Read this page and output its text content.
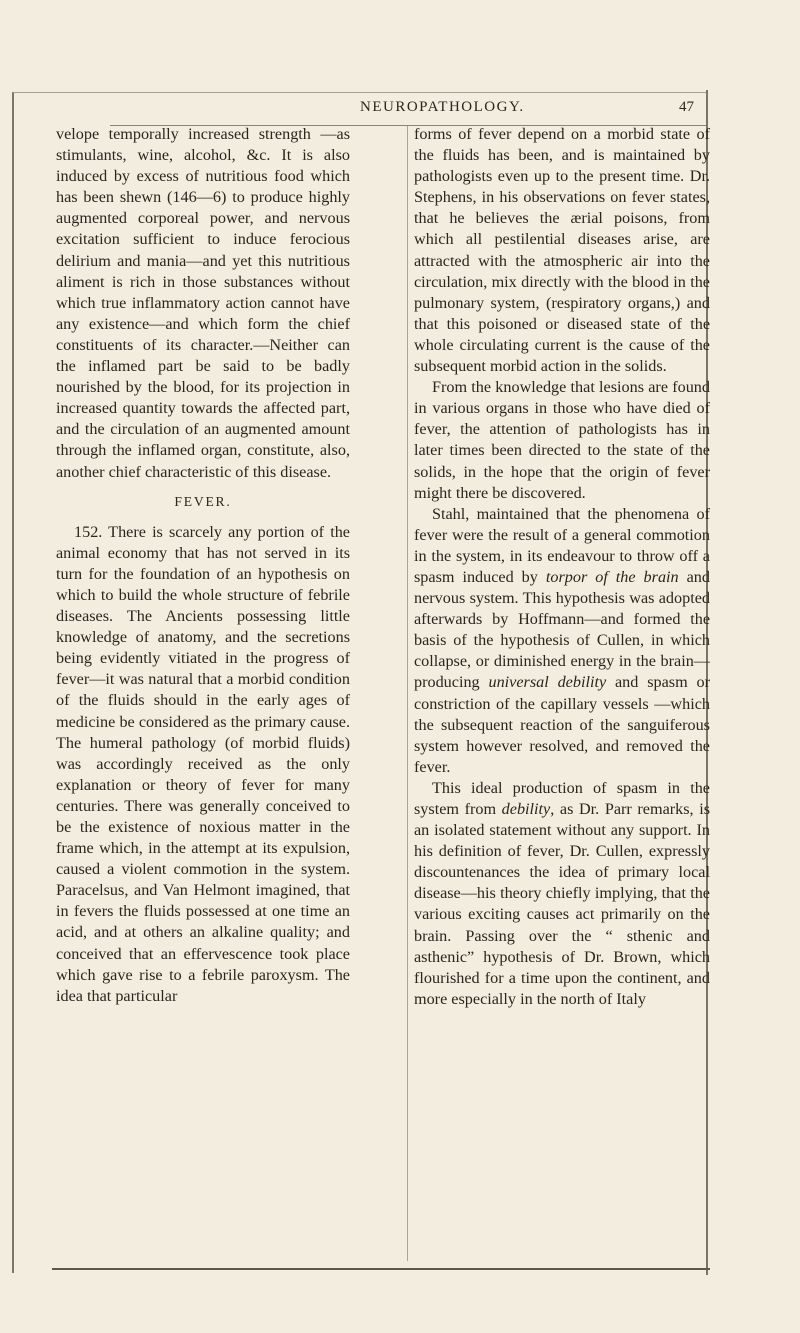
NEUROPATHOLOGY.	47

velope temporally increased strength —as stimulants, wine, alcohol, &c. It is also induced by excess of nutritious food which has been shewn (146—6) to produce highly augmented corporeal power, and nervous excitation sufficient to induce ferocious delirium and mania—and yet this nutritious aliment is rich in those substances without which true inflammatory action cannot have any existence—and which form the chief constituents of its character.—Neither can the inflamed part be said to be badly nourished by the blood, for its projection in increased quantity towards the affected part, and the circulation of an augmented amount through the inflamed organ, constitute, also, another chief characteristic of this disease.

FEVER.

152. There is scarcely any portion of the animal economy that has not served in its turn for the foundation of an hypothesis on which to build the whole structure of febrile diseases. The Ancients possessing little knowledge of anatomy, and the secretions being evidently vitiated in the progress of fever—it was natural that a morbid condition of the fluids should in the early ages of medicine be considered as the primary cause. The humeral pathology (of morbid fluids) was accordingly received as the only explanation or theory of fever for many centuries. There was generally conceived to be the existence of noxious matter in the frame which, in the attempt at its expulsion, caused a violent commotion in the system. Paracelsus, and Van Helmont imagined, that in fevers the fluids possessed at one time an acid, and at others an alkaline quality; and conceived that an effervescence took place which gave rise to a febrile paroxysm. The idea that particular

forms of fever depend on a morbid state of the fluids has been, and is maintained by pathologists even up to the present time. Dr. Stephens, in his observations on fever states, that he believes the ærial poisons, from which all pestilential diseases arise, are attracted with the atmospheric air into the circulation, mix directly with the blood in the pulmonary system, (respiratory organs,) and that this poisoned or diseased state of the whole circulating current is the cause of the subsequent morbid action in the solids.

From the knowledge that lesions are found in various organs in those who have died of fever, the attention of pathologists has in later times been directed to the state of the solids, in the hope that the origin of fever might there be discovered.

Stahl, maintained that the phenomena of fever were the result of a general commotion in the system, in its endeavour to throw off a spasm induced by torpor of the brain and nervous system. This hypothesis was adopted afterwards by Hoffmann—and formed the basis of the hypothesis of Cullen, in which collapse, or diminished energy in the brain—producing universal debility and spasm or constriction of the capillary vessels —which the subsequent reaction of the sanguiferous system however resolved, and removed the fever.

This ideal production of spasm in the system from debility, as Dr. Parr remarks, is an isolated statement without any support. In his definition of fever, Dr. Cullen, expressly discountenances the idea of primary local disease—his theory chiefly implying, that the various exciting causes act primarily on the brain. Passing over the “ sthenic and asthenic” hypothesis of Dr. Brown, which flourished for a time upon the continent, and more especially in the north of Italy
